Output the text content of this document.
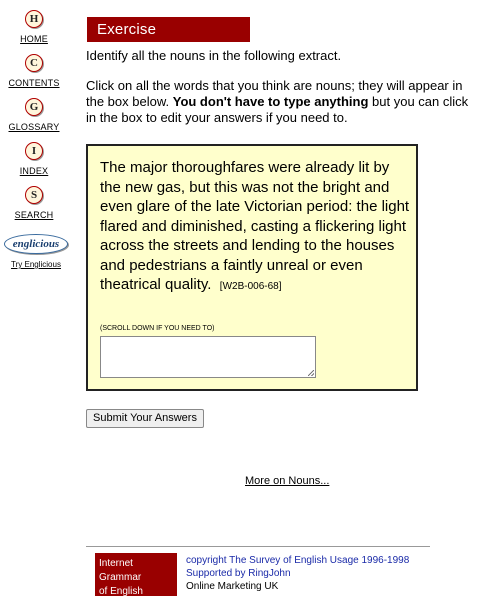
H
HOME
C
CONTENTS
G
GLOSSARY
I
INDEX
S
SEARCH
englicious
Try Englicious
Exercise
Identify all the nouns in the following extract.
Click on all the words that you think are nouns; they will appear in the box below. You don't have to type anything but you can click in the box to edit your answers if you need to.
The major thoroughfares were already lit by the new gas, but this was not the bright and even glare of the late Victorian period: the light flared and diminished, casting a flickering light across the streets and lending to the houses and pedestrians a faintly unreal or even theatrical quality. [W2B-006-68]
(SCROLL DOWN IF YOU NEED TO)
Submit Your Answers
More on Nouns...
Internet Grammar
of English
copyright The Survey of English Usage 1996-1998
Supported by RingJohn
Online Marketing UK
